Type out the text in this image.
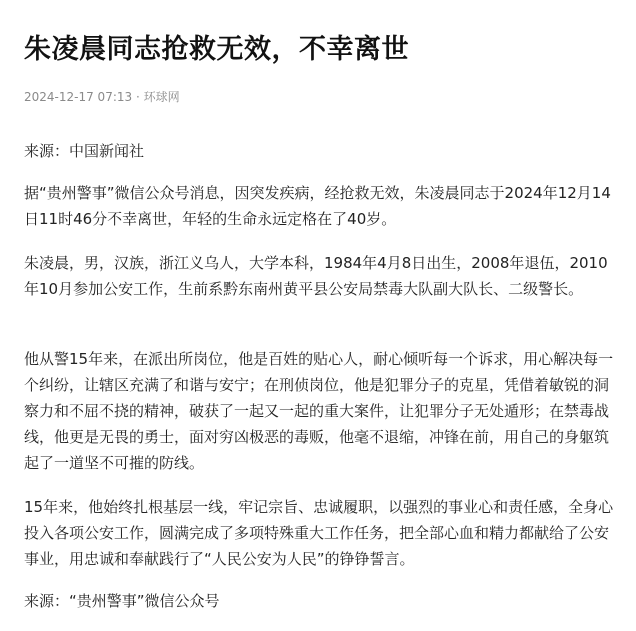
朱凌晨同志抢救无效，不幸离世
2024-12-17 07:13 · 环球网

来源：中国新闻社

据“贵州警事”微信公众号消息，因突发疾病，经抢救无效，朱凌晨同志于2024年12月14日11时46分不幸离世，年轻的生命永远定格在了40岁。

朱凌晨，男，汉族，浙江义乌人，大学本科，1984年4月8日出生，2008年退伍，2010年10月参加公安工作，生前系黔东南州黄平县公安局禁毒大队副大队长、二级警长。

他从警15年来，在派出所岗位，他是百姓的贴心人，耐心倾听每一个诉求，用心解决每一个纠纷，让辖区充满了和谐与安宁；在刑侦岗位，他是犯罪分子的克星，凭借着敏锐的洞察力和不屈不挠的精神，破获了一起又一起的重大案件，让犯罪分子无处遁形；在禁毒战线，他更是无畏的勇士，面对穷凶极恶的毒贩，他毫不退缩，冲锋在前，用自己的身躯筑起了一道坚不可摧的防线。

15年来，他始终扎根基层一线，牢记宗旨、忠诚履职，以强烈的事业心和责任感，全身心投入各项公安工作，圆满完成了多项特殊重大工作任务，把全部心血和精力都献给了公安事业，用忠诚和奉献践行了“人民公安为人民”的铮铮誓言。

来源：“贵州警事”微信公众号
